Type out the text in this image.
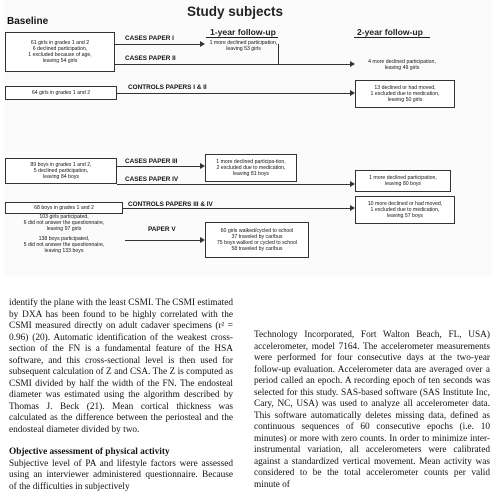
Study subjects
Baseline
1-year follow-up	2-year follow-up
61 girls in grades 1 and 2
6 declined participation,
1 excluded because of age,
leaving 54 girls
CASES PAPER I
CASES PAPER II
1 more declined participation,
leaving 53 girls
4 more declined participation,
leaving 49 girls
64 girls in grades 1 and 2
CONTROLS PAPERS I & II	13 declined or had moved,
1 excluded due to medication,
leaving 50 girls
89 boys in grades 1 and 2,
5 declined participation,
leaving 84 boys
CASES PAPER III
CASES PAPER IV
1 more declined participa-tion,
2 excluded due to medication,
leaving 81 boys
1 more declined participation,
leaving 80 boys
68 boys in grades 1 and 2	CONTROLS PAPERS III & IV	10 more declined or had moved,
1 excluded due to medication,
leaving 57 boys
103 girls participated,
6 did not answer the questionnaire,
leaving 97 girls
138 boys participated,
5 did not answer the questionnaire,
leaving 133 boys
PAPER V	60 girls walked/cycled to school
37 traveled by car/bus
75 boys walked or cycled to school
58 traveled by car/bus

identify the plane with the least CSMI. The CSMI estimated by DXA has been found to be highly correlated with the CSMI measured directly on adult cadaver specimens (r² = 0.96) (20). Automatic identification of the weakest cross-section of the FN is a fundamental feature of the HSA software, and this cross-sectional level is then used for subsequent calculation of Z and CSA. The Z is computed as CSMI divided by half the width of the FN. The endosteal diameter was estimated using the algorithm described by Thomas J. Beck (21). Mean cortical thickness was calculated as the difference between the periosteal and the endosteal diameter divided by two.

Objective assessment of physical activity

Subjective level of PA and lifestyle factors were assessed using an interviewer administered questionnaire. Because of the difficulties in subjectively

Technology Incorporated, Fort Walton Beach, FL, USA) accelerometer, model 7164. The accelerometer measurements were performed for four consecutive days at the two-year follow-up evaluation. Accelerometer data are averaged over a period called an epoch. A recording epoch of ten seconds was selected for this study. SAS-based software (SAS Institute Inc, Cary, NC, USA) was used to analyze all accelerometer data. This software automatically deletes missing data, defined as continuous sequences of 60 consecutive epochs (i.e. 10 minutes) or more with zero counts. In order to minimize inter-instrumental variation, all accelerometers were calibrated against a standardized vertical movement. Mean activity was considered to be the total accelerometer counts per valid minute of
